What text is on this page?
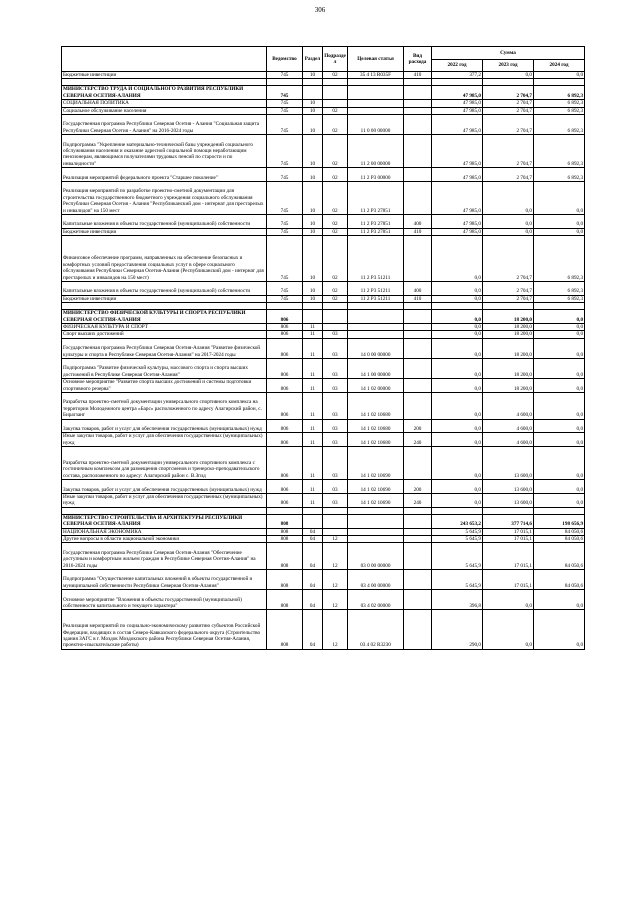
306
	Ведомство	Раздел	Подраздел	Целевая статья	Вид расхода	Сумма		
						2022 год	2023 год	2024 год
Бюджетные инвестиции	745	10	02	35 4 13 R035F	410	377,2	0,0	0,0

МИНИСТЕРСТВО ТРУДА И СОЦИАЛЬНОГО РАЗВИТИЯ РЕСПУБЛИКИ СЕВЕРНАЯ ОСЕТИЯ-АЛАНИЯ	745					47 985,0	2 704,7	6 892,3
СОЦИАЛЬНАЯ ПОЛИТИКА	745	10				47 985,0	2 704,7	6 892,3
Социальное обслуживание населения	745	10	02			47 985,0	2 704,7	6 892,3
Государственная программа Республики Северная Осетия - Алания "Социальная защита Республики Северная Осетия - Алания" на 2016-2024 годы	745	10	02	11 0 00 00000		47 985,0	2 704,7	6 892,3
Подпрограмма "Укрепление материально-технической базы учреждений социального обслуживания населения и оказание адресной социальной помощи неработающим пенсионерам, являющимся получателями трудовых пенсий по старости и по инвалидности"	745	10	02	11 2 00 00000		47 985,0	2 704,7	6 892,3
Реализация мероприятий федерального проекта "Старшее поколение"	745	10	02	11 2 P3 00000		47 985,0	2 704,7	6 892,3
Реализация мероприятий по разработке проектно-сметной документации для строительства государственного бюджетного учреждения социального обслуживания Республики Северная Осетия - Алания "Республиканский дом - интернат для престарелых и инвалидов" на 150 мест	745	10	02	11 2 P3 27851		47 985,0	0,0	0,0
Капитальные вложения в объекты государственной (муниципальной) собственности	745	10	02	11 2 P3 27851	400	47 985,0	0,0	0,0
Бюджетные инвестиции	745	10	02	11 2 P3 27851	410	47 985,0	0,0	0,0
Финансовое обеспечение программ, направленных на обеспечение безопасных и комфортных условий предоставления социальных услуг в сфере социального обслуживания Республики Северная Осетия-Алания (Республиканский дом - интернат для престарелых и инвалидов на 150 мест)	745	10	02	11 2 P3 51211		0,0	2 704,7	6 892,3
Капитальные вложения в объекты государственной (муниципальной) собственности	745	10	02	11 2 P3 51211	400	0,0	2 704,7	6 892,3
Бюджетные инвестиции	745	10	02	11 2 P3 51211	410	0,0	2 704,7	6 892,3

МИНИСТЕРСТВО ФИЗИЧЕСКОЙ КУЛЬТУРЫ И СПОРТА РЕСПУБЛИКИ СЕВЕРНАЯ ОСЕТИЯ-АЛАНИЯ	806					0,0	18 200,0	0,0
ФИЗИЧЕСКАЯ КУЛЬТУРА И СПОРТ	806	11				0,0	18 200,0	0,0
Спорт высших достижений	806	11	03			0,0	18 200,0	0,0
Государственная программа Республики Северная Осетия-Алания "Развитие физической культуры и спорта в Республике Северная Осетия-Алания" на 2017-2024 годы	806	11	03	14 0 00 00000		0,0	18 200,0	0,0
Подпрограмма "Развитие физической культуры, массового спорта и спорта высших достижений в Республике Северная Осетия-Алания"	806	11	03	14 1 00 00000		0,0	18 200,0	0,0
Основное мероприятие "Развитие спорта высших достижений и системы подготовки спортивного резерва"	806	11	03	14 1 02 00000		0,0	18 200,0	0,0
Разработка проектно-сметной документации универсального спортивного комплекса на территории Молодежного центра «Барс» расположенного по адресу Алагирский район, с. Бирагзанг	806	11	03	14 1 02 10680		0,0	4 600,0	0,0
Закупка товаров, работ и услуг для обеспечения государственных (муниципальных) нужд	806	11	03	14 1 02 10680	200	0,0	4 600,0	0,0
Иные закупки товаров, работ и услуг для обеспечения государственных (муниципальных) нужд	806	11	03	14 1 02 10680	240	0,0	4 600,0	0,0
Разработка проектно-сметной документации универсального спортивного комплекса с гостиничным комплексом для размещения спортсменов и тренерско-преподавательского состава, расположенного по адресу: Алагирский район с. В.Згид	806	11	03	14 1 02 10690		0,0	13 600,0	0,0
Закупка товаров, работ и услуг для обеспечения государственных (муниципальных) нужд	806	11	03	14 1 02 10690	200	0,0	13 600,0	0,0
Иные закупки товаров, работ и услуг для обеспечения государственных (муниципальных) нужд	806	11	03	14 1 02 10690	240	0,0	13 600,0	0,0

МИНИСТЕРСТВО СТРОИТЕЛЬСТВА И АРХИТЕКТУРЫ РЕСПУБЛИКИ СЕВЕРНАЯ ОСЕТИЯ-АЛАНИЯ	808					243 653,2	377 714,6	198 656,9
НАЦИОНАЛЬНАЯ ЭКОНОМИКА	808	04				5 645,9	17 015,1	84 050,6
Другие вопросы в области национальной экономики	808	04	12			5 645,9	17 015,1	84 050,6
Государственная программа Республики Северная Осетия-Алания "Обеспечение доступным и комфортным жильем граждан в Республике Северная Осетия-Алания" на 2016-2024 годы	808	04	12	03 0 00 00000		5 645,9	17 015,1	84 050,6
Подпрограмма "Осуществление капитальных вложений в объекты государственной и муниципальной собственности Республики Северная Осетия-Алания"	808	04	12	03 4 00 00000		5 645,9	17 015,1	84 050,6
Основное мероприятие "Вложения в объекты государственной (муниципальной) собственности капитального и текущего характера"	808	04	12	03 4 02 00000		396,8	0,0	0,0
Реализация мероприятий по социально-экономическому развитию субъектов Российской Федерации, входящих в состав Северо-Кавказского федерального округа (Строительство здания ЗАГС в г. Моздок Моздокского района Республики Северная Осетия-Алания, проектно-изыскательские работы)	808	04	12	03 4 02 R3230		290,0	0,0	0,0
